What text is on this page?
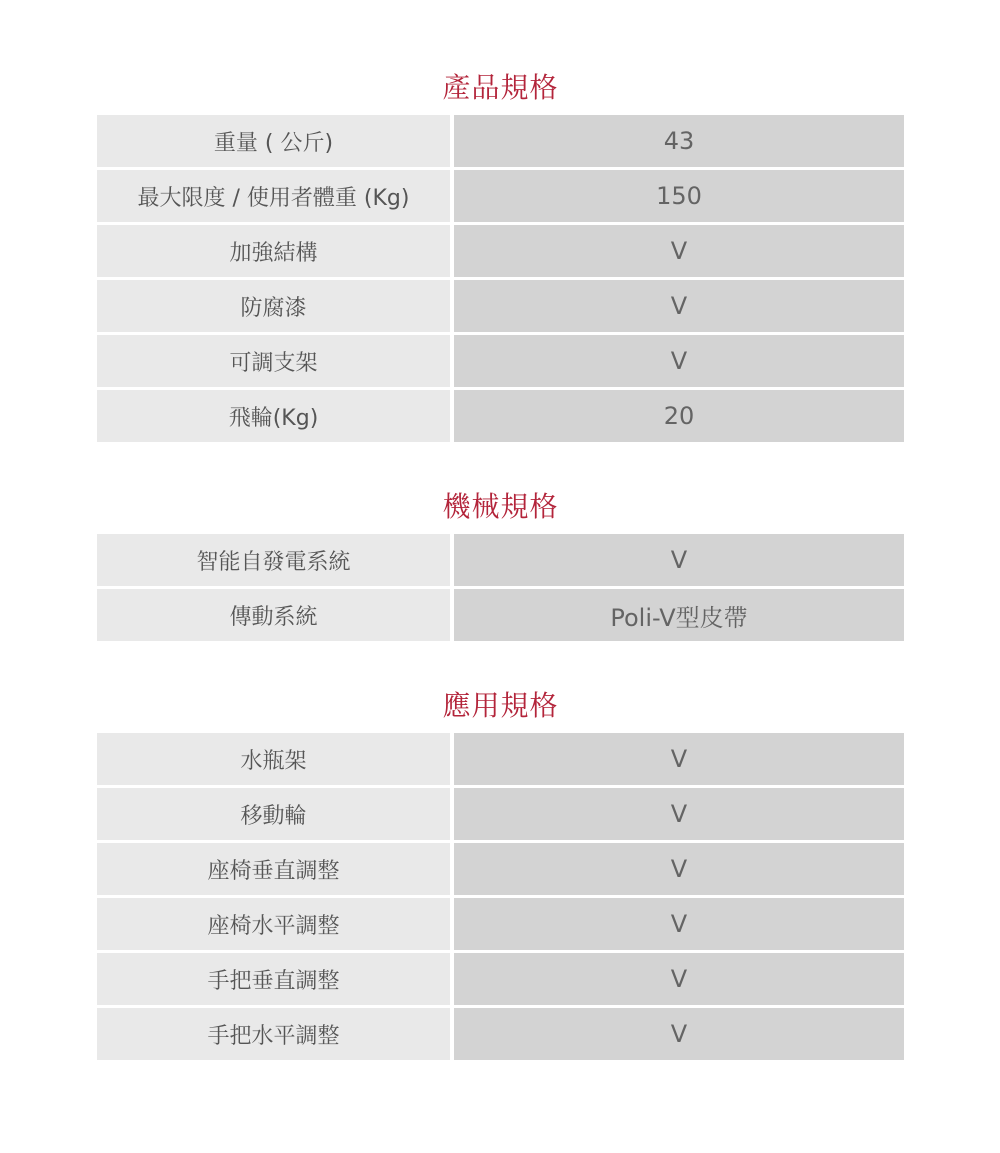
產品規格
重量 ( 公斤)	43
最大限度 / 使用者體重 (Kg)	150
加強結構	V
防腐漆	V
可調支架	V
飛輪(Kg)	20
機械規格
智能自發電系統	V
傳動系統	Poli-V型皮帶
應用規格
水瓶架	V
移動輪	V
座椅垂直調整	V
座椅水平調整	V
手把垂直調整	V
手把水平調整	V
